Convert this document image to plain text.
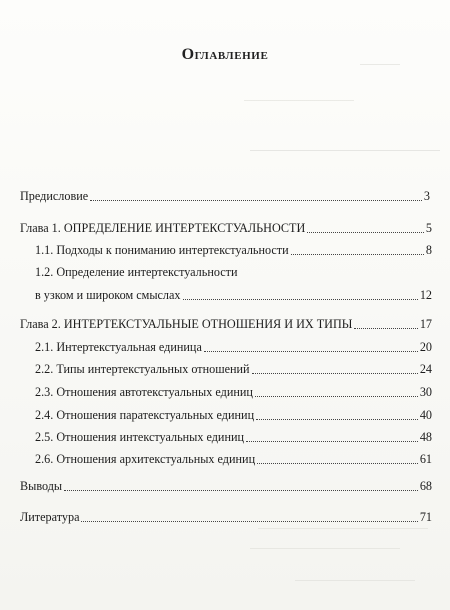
Оглавление
Предисловие	3
Глава 1. ОПРЕДЕЛЕНИЕ ИНТЕРТЕКСТУАЛЬНОСТИ	5
1.1. Подходы к пониманию интертекстуальности	8
1.2. Определение интертекстуальности
в узком и широком смыслах	12
Глава 2. ИНТЕРТЕКСТУАЛЬНЫЕ ОТНОШЕНИЯ И ИХ ТИПЫ	17
2.1. Интертекстуальная единица	20
2.2. Типы интертекстуальных отношений	24
2.3. Отношения автотекстуальных единиц	30
2.4. Отношения паратекстуальных единиц	40
2.5. Отношения интекстуальных единиц	48
2.6. Отношения архитекстуальных единиц	61
Выводы	68
Литература	71
